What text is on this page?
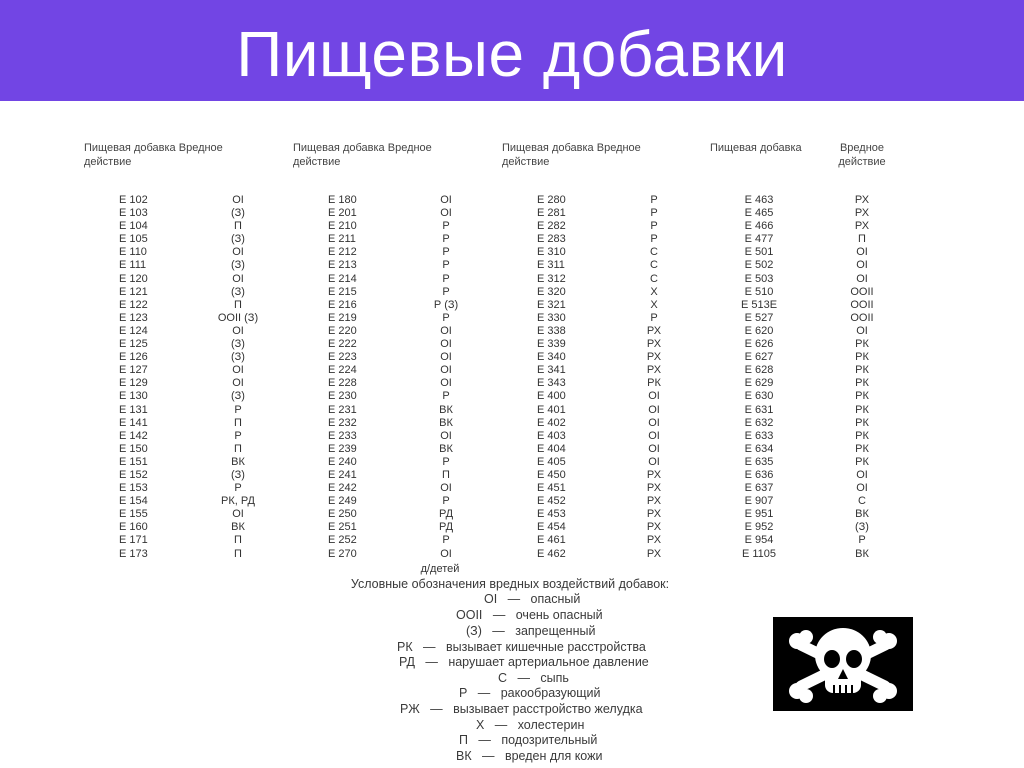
Пищевые добавки
Пищевая добавка Вредное действие
Е 102
Е 103
Е 104
Е 105
Е 110
Е 111
Е 120
Е 121
Е 122
Е 123
Е 124
Е 125
Е 126
Е 127
Е 129
Е 130
Е 131
Е 141
Е 142
Е 150
Е 151
Е 152
Е 153
Е 154
Е 155
Е 160
Е 171
Е 173
ОI
(З)
П
(З)
ОI
(З)
ОI
(З)
П
ООII (З)
ОI
(З)
(З)
ОI
ОI
(З)
Р
П
Р
П
ВК
(З)
Р
РК, РД
ОI
ВК
П
П
Пищевая добавка Вредное действие
Е 180
Е 201
Е 210
Е 211
Е 212
Е 213
Е 214
Е 215
Е 216
Е 219
Е 220
Е 222
Е 223
Е 224
Е 228
Е 230
Е 231
Е 232
Е 233
Е 239
Е 240
Е 241
Е 242
Е 249
Е 250
Е 251
Е 252
Е 270
ОI
ОI
Р
Р
Р
Р
Р
Р
Р (З)
Р
ОI
ОI
ОI
ОI
ОI
Р
ВК
ВК
ОI
ВК
Р
П
ОI
Р
РД
РД
Р
ОI
д/детей
Пищевая добавка Вредное действие
Е 280
Е 281
Е 282
Е 283
Е 310
Е 311
Е 312
Е 320
Е 321
Е 330
Е 338
Е 339
Е 340
Е 341
Е 343
Е 400
Е 401
Е 402
Е 403
Е 404
Е 405
Е 450
Е 451
Е 452
Е 453
Е 454
Е 461
Е 462
Р
Р
Р
Р
С
С
С
Х
Х
Р
РХ
РХ
РХ
РХ
РК
ОI
ОI
ОI
ОI
ОI
ОI
РХ
РХ
РХ
РХ
РХ
РХ
РХ
Пищевая добавка	Вредное действие
Е 463
Е 465
Е 466
Е 477
Е 501
Е 502
Е 503
Е 510
Е 513Е
Е 527
Е 620
Е 626
Е 627
Е 628
Е 629
Е 630
Е 631
Е 632
Е 633
Е 634
Е 635
Е 636
Е 637
Е 907
Е 951
Е 952
Е 954
Е 1105
РХ
РХ
РХ
П
ОI
ОI
ОI
ООII
ООII
ООII
ОI
РК
РК
РК
РК
РК
РК
РК
РК
РК
РК
ОI
ОI
С
ВК
(З)
Р
ВК
Условные обозначения вредных воздействий добавок:
ОI   —   опасный
ООII   —   очень опасный
(З)   —   запрещенный
РК   —   вызывает кишечные расстройства
РД   —   нарушает артериальное давление
С   —   сыпь
Р   —   ракообразующий
РЖ   —   вызывает расстройство желудка
Х   —   холестерин
П   —   подозрительный
ВК   —   вреден для кожи
